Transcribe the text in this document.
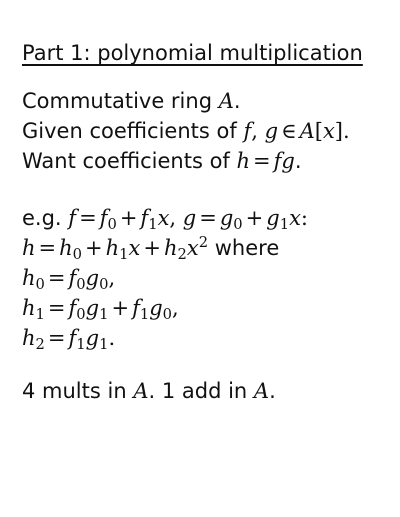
Part 1: polynomial multiplication
Commutative ring A.
Given coefficients of f, g ∈ A[x].
Want coefficients of h = fg.
e.g. $f = f_0 + f_1x$, $g = g_0 + g_1x$:
$h = h_0 + h_1x + h_2x^2$ where
$h_0 = f_0g_0$,
$h_1 = f_0g_1 + f_1g_0$,
$h_2 = f_1g_1$.
4 mults in A. 1 add in A.
